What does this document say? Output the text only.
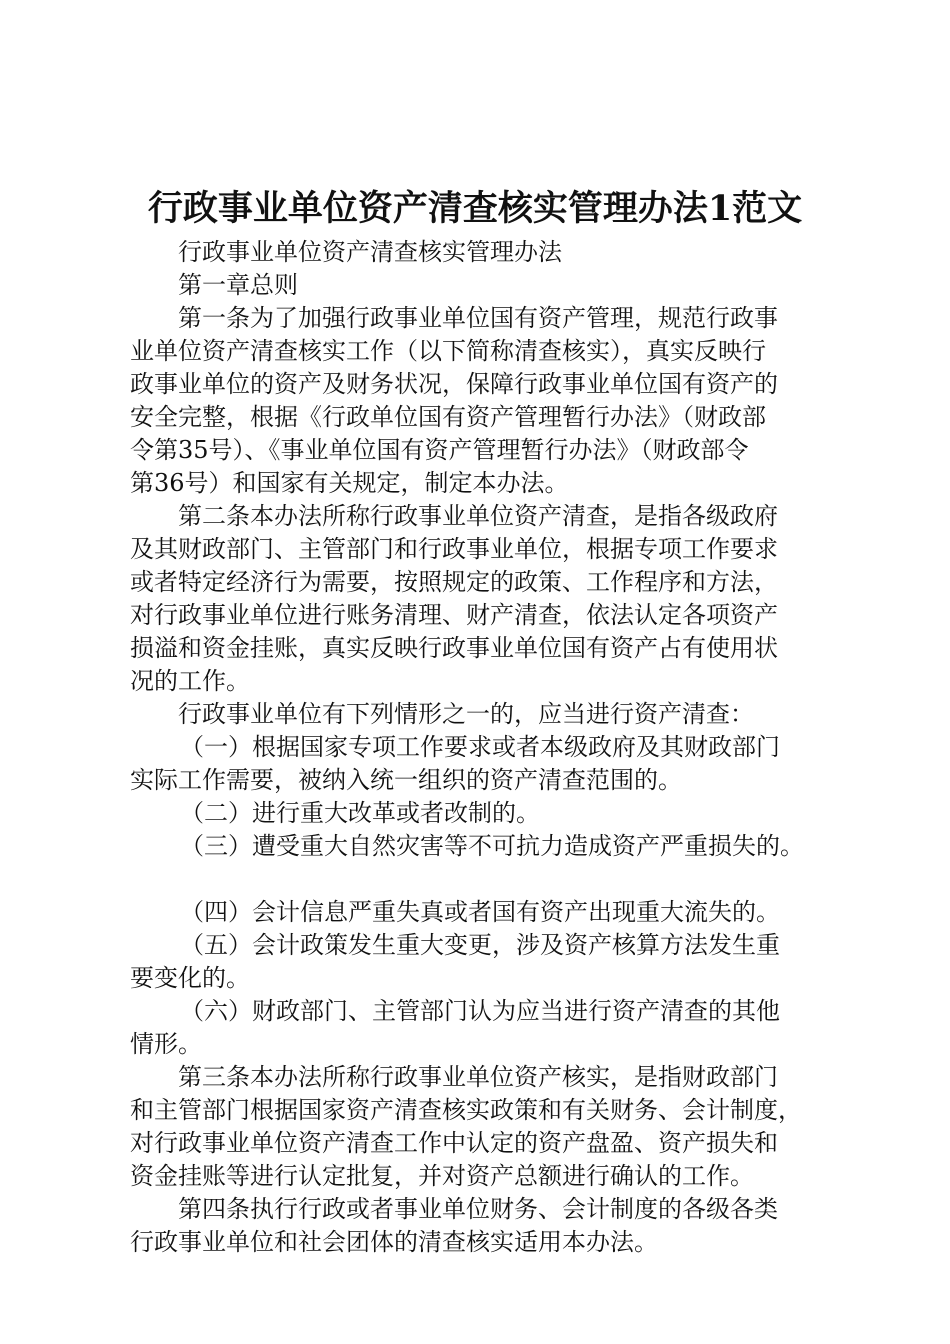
行政事业单位资产清查核实管理办法1范文
行政事业单位资产清查核实管理办法
第一章总则
第一条为了加强行政事业单位国有资产管理，规范行政事
业单位资产清查核实工作（以下简称清查核实），真实反映行
政事业单位的资产及财务状况，保障行政事业单位国有资产的
安全完整，根据《行政单位国有资产管理暂行办法》（财政部
令第35号）、《事业单位国有资产管理暂行办法》（财政部令
第36号）和国家有关规定，制定本办法。
第二条本办法所称行政事业单位资产清查，是指各级政府
及其财政部门、主管部门和行政事业单位，根据专项工作要求
或者特定经济行为需要，按照规定的政策、工作程序和方法，
对行政事业单位进行账务清理、财产清查，依法认定各项资产
损溢和资金挂账，真实反映行政事业单位国有资产占有使用状
况的工作。
行政事业单位有下列情形之一的，应当进行资产清查：
（一）根据国家专项工作要求或者本级政府及其财政部门
实际工作需要，被纳入统一组织的资产清查范围的。
（二）进行重大改革或者改制的。
（三）遭受重大自然灾害等不可抗力造成资产严重损失的。
（四）会计信息严重失真或者国有资产出现重大流失的。
（五）会计政策发生重大变更，涉及资产核算方法发生重
要变化的。
（六）财政部门、主管部门认为应当进行资产清查的其他
情形。
第三条本办法所称行政事业单位资产核实，是指财政部门
和主管部门根据国家资产清查核实政策和有关财务、会计制度，
对行政事业单位资产清查工作中认定的资产盘盈、资产损失和
资金挂账等进行认定批复，并对资产总额进行确认的工作。
第四条执行行政或者事业单位财务、会计制度的各级各类
行政事业单位和社会团体的清查核实适用本办法。
